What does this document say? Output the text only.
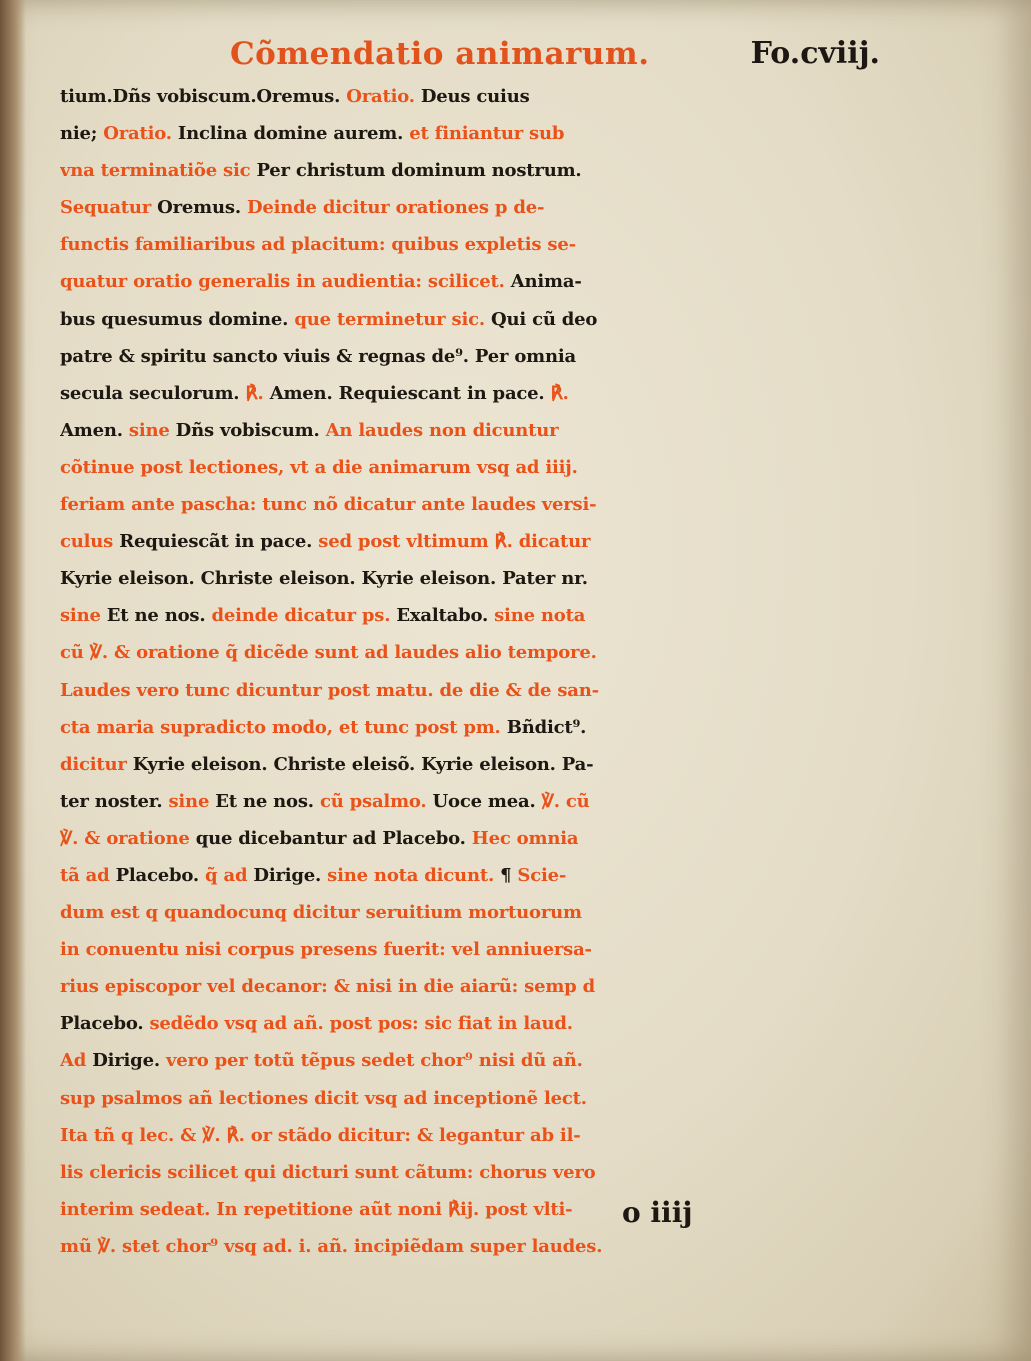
Cõmendatio animarum.	Fo.cviij.
tium.Dñs vobiscum.Oremus. Oratio. Deus cuius
nie; Oratio. Inclina domine aurem. et finiantur sub
vna terminatiõe sic Per christum dominum nostrum.
Sequatur Oremus. Deinde dicitur orationes p de-
functis familiaribus ad placitum: quibus expletis se-
quatur oratio generalis in audientia: scilicet. Anima-
bus quesumus domine. que terminetur sic. Qui cũ deo
patre & spiritu sancto viuis & regnas de⁹. Per omnia
secula seculorum. ℟. Amen. Requiescant in pace. ℟.
Amen. sine Dñs vobiscum. An laudes non dicuntur
cõtinue post lectiones, vt a die animarum vsq ad iiij.
feriam ante pascha: tunc nõ dicatur ante laudes versi-
culus Requiescãt in pace. sed post vltimum ℟. dicatur
Kyrie eleison. Christe eleison. Kyrie eleison. Pater nr.
sine Et ne nos. deinde dicatur ps. Exaltabo. sine nota
cũ ℣. & oratione q̃ dicẽde sunt ad laudes alio tempore.
Laudes vero tunc dicuntur post matu. de die & de san-
cta maria supradicto modo, et tunc post pm. Bñdict⁹.
dicitur Kyrie eleison. Christe eleisõ. Kyrie eleison. Pa-
ter noster. sine Et ne nos. cũ psalmo. Uoce mea. ℣. cũ
℣. & oratione que dicebantur ad Placebo. Hec omnia
tã ad Placebo. q̃ ad Dirige. sine nota dicunt. ¶ Scie-
dum est q quandocunq dicitur seruitium mortuorum
in conuentu nisi corpus presens fuerit: vel anniuersa-
rius episcopor vel decanor: & nisi in die aiarũ: semp d
Placebo. sedẽdo vsq ad añ. post pos: sic fiat in laud.
Ad Dirige. vero per totũ tẽpus sedet chor⁹ nisi dũ añ.
sup psalmos añ lectiones dicit vsq ad inceptionẽ lect.
Ita tñ q lec. & ℣. ℟. or stãdo dicitur: & legantur ab il-
lis clericis scilicet qui dicturi sunt cãtum: chorus vero
interim sedeat. In repetitione aũt noni ℟ij. post vlti-
mũ ℣. stet chor⁹ vsq ad. i. añ. incipiẽdam super laudes.
o iiij
